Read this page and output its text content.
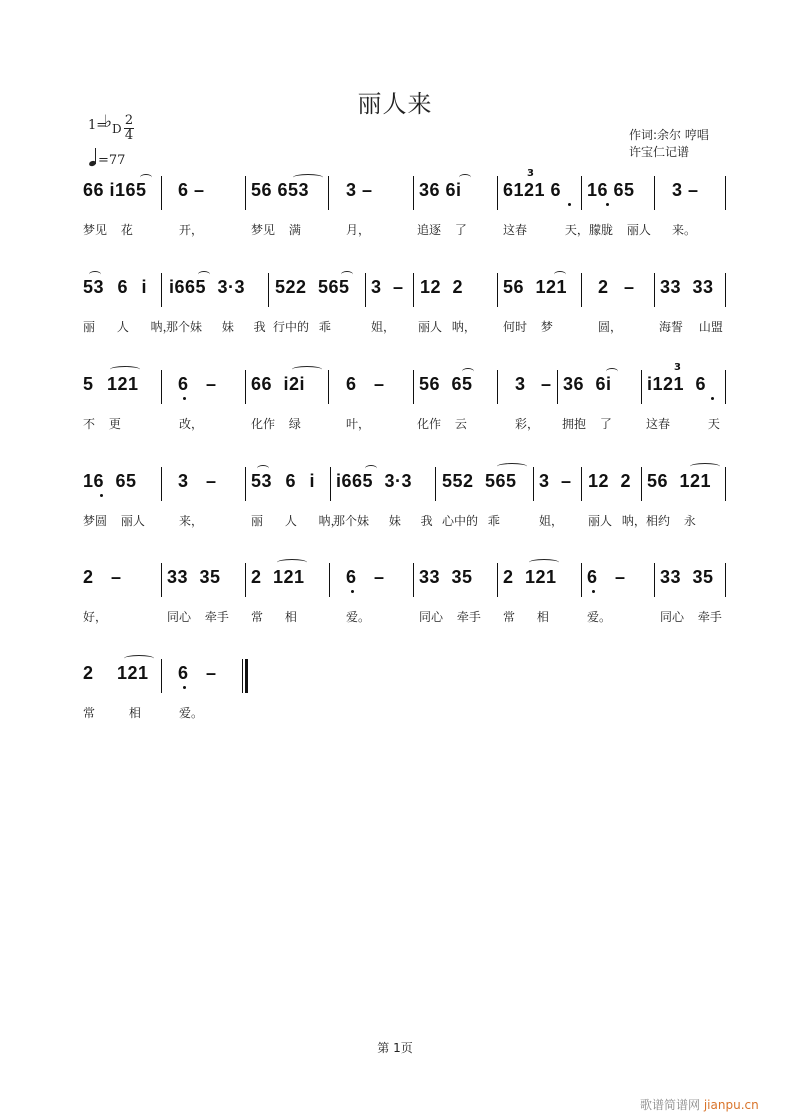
丽人来
1=
♭ D $\frac{2}{4}$
=77
作词:余尔 哼唱
许宝仁记谱
66 i165 6 –	56 653 3 –	36 6i
3
6121 6 16 65 3 –
梦见 花	开，	梦见 满	月，	追逐 了	这春 天， 朦胧 丽人 来。
53 6 i i665 3·3 522 565 3 – 12 2 56 121 2 – 33 33
丽 人 呐，
那个妹 妹 我 行中的 乖	姐， 丽人 呐， 何时 梦	圆，	海誓 山盟
5 121 6 – 66 i2i 6 – 56 65 3 – 36 6i
3
i121 6
不 更	改，	化作 绿	叶，	化作 云	彩， 拥抱 了	这春 天
16 65 3 – 53 6 i i665 3·3 552 565 3 – 12 2 56 121
梦圆 丽人	来，	丽 人 呐，
那个妹 妹 我 心中的 乖	姐， 丽人 呐， 相约 永
2 –	33 35 2 121 6 – 33 35 2 121 6 – 33 35
好，	同心 牵手 常 相	爱。	同心 牵手 常 相	爱。	同心 牵手
2 121 6 –
常 相	爱。
第 1页
歌谱简谱网 jianpu.cn
